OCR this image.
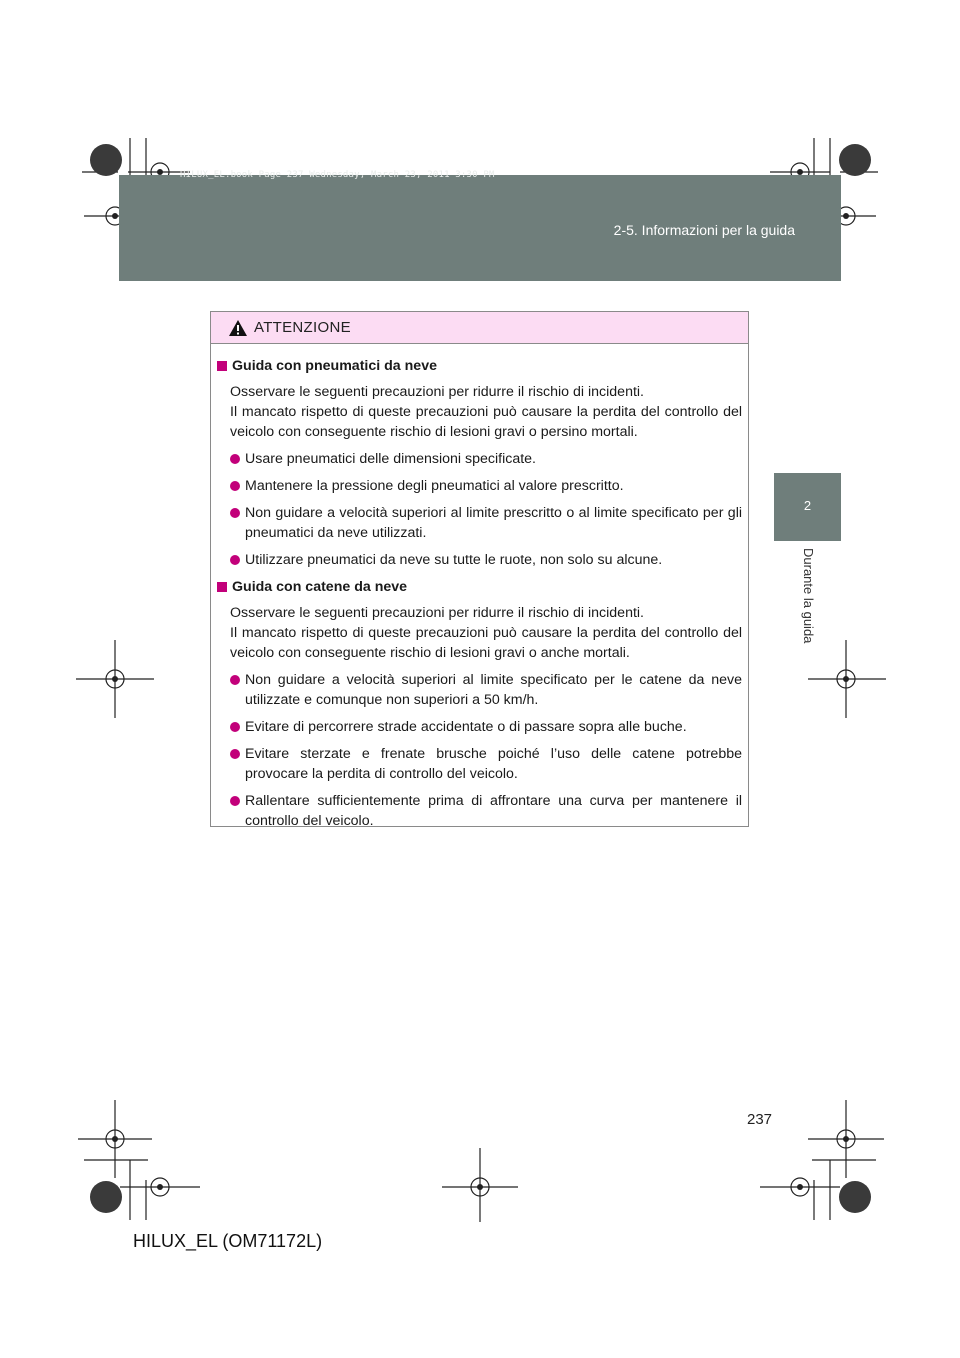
HILUX_EL.book Page 237 Wednesday, March 23, 2011 3:30 PM
2-5. Informazioni per la guida
2
Durante la guida
ATTENZIONE
Guida con pneumatici da neve
Osservare le seguenti precauzioni per ridurre il rischio di incidenti.
Il mancato rispetto di queste precauzioni può causare la perdita del controllo del veicolo con conseguente rischio di lesioni gravi o persino mortali.
Usare pneumatici delle dimensioni specificate.
Mantenere la pressione degli pneumatici al valore prescritto.
Non guidare a velocità superiori al limite prescritto o al limite specificato per gli pneumatici da neve utilizzati.
Utilizzare pneumatici da neve su tutte le ruote, non solo su alcune.
Guida con catene da neve
Osservare le seguenti precauzioni per ridurre il rischio di incidenti.
Il mancato rispetto di queste precauzioni può causare la perdita del controllo del veicolo con conseguente rischio di lesioni gravi o anche mortali.
Non guidare a velocità superiori al limite specificato per le catene da neve utilizzate e comunque non superiori a 50 km/h.
Evitare di percorrere strade accidentate o di passare sopra alle buche.
Evitare sterzate e frenate brusche poiché l’uso delle catene potrebbe provocare la perdita di controllo del veicolo.
Rallentare sufficientemente prima di affrontare una curva per mantenere il controllo del veicolo.
237
HILUX_EL (OM71172L)
